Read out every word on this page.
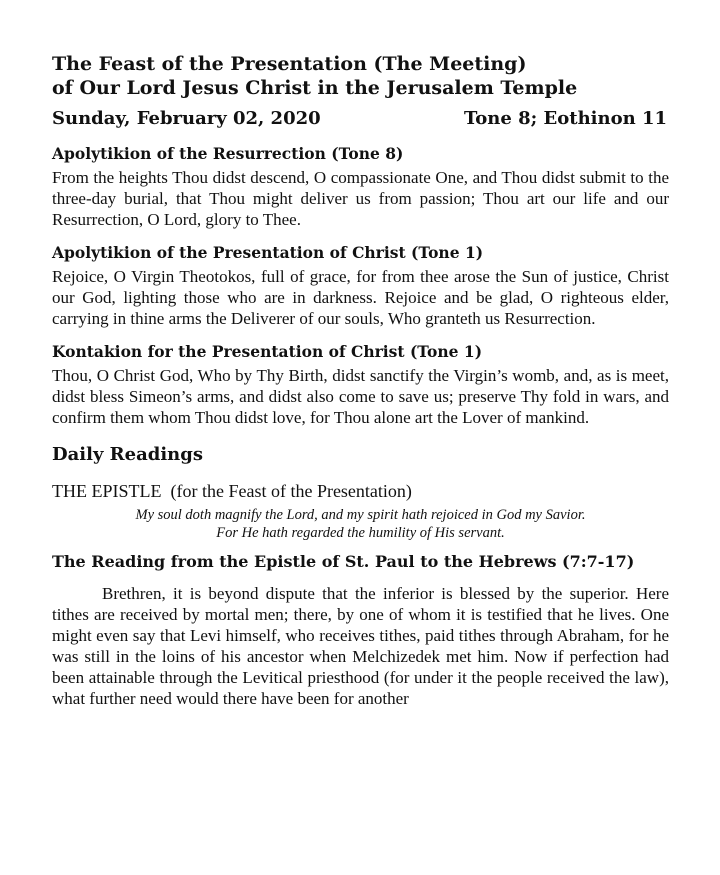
The Feast of the Presentation (The Meeting)

of Our Lord Jesus Christ in the Jerusalem Temple

Sunday, February 02, 2020	Tone 8; Eothinon 11

Apolytikion of the Resurrection (Tone 8)

From the heights Thou didst descend, O compassionate One, and Thou didst submit to the three-day burial, that Thou might deliver us from passion; Thou art our life and our Resurrection, O Lord, glory to Thee.

Apolytikion of the Presentation of Christ (Tone 1)

Rejoice, O Virgin Theotokos, full of grace, for from thee arose the Sun of justice, Christ our God, lighting those who are in darkness. Rejoice and be glad, O righteous elder, carrying in thine arms the Deliverer of our souls, Who granteth us Resurrection.

Kontakion for the Presentation of Christ (Tone 1)

Thou, O Christ God, Who by Thy Birth, didst sanctify the Virgin’s womb, and, as is meet, didst bless Simeon’s arms, and didst also come to save us; preserve Thy fold in wars, and confirm them whom Thou didst love, for Thou alone art the Lover of mankind.

Daily Readings

THE EPISTLE  (for the Feast of the Presentation)

My soul doth magnify the Lord, and my spirit hath rejoiced in God my Savior.

For He hath regarded the humility of His servant.

The Reading from the Epistle of St. Paul to the Hebrews (7:7-17)

Brethren, it is beyond dispute that the inferior is blessed by the superior. Here tithes are received by mortal men; there, by one of whom it is testified that he lives. One might even say that Levi himself, who receives tithes, paid tithes through Abraham, for he was still in the loins of his ancestor when Melchizedek met him. Now if perfection had been attainable through the Levitical priesthood (for under it the people received the law), what further need would there have been for another
